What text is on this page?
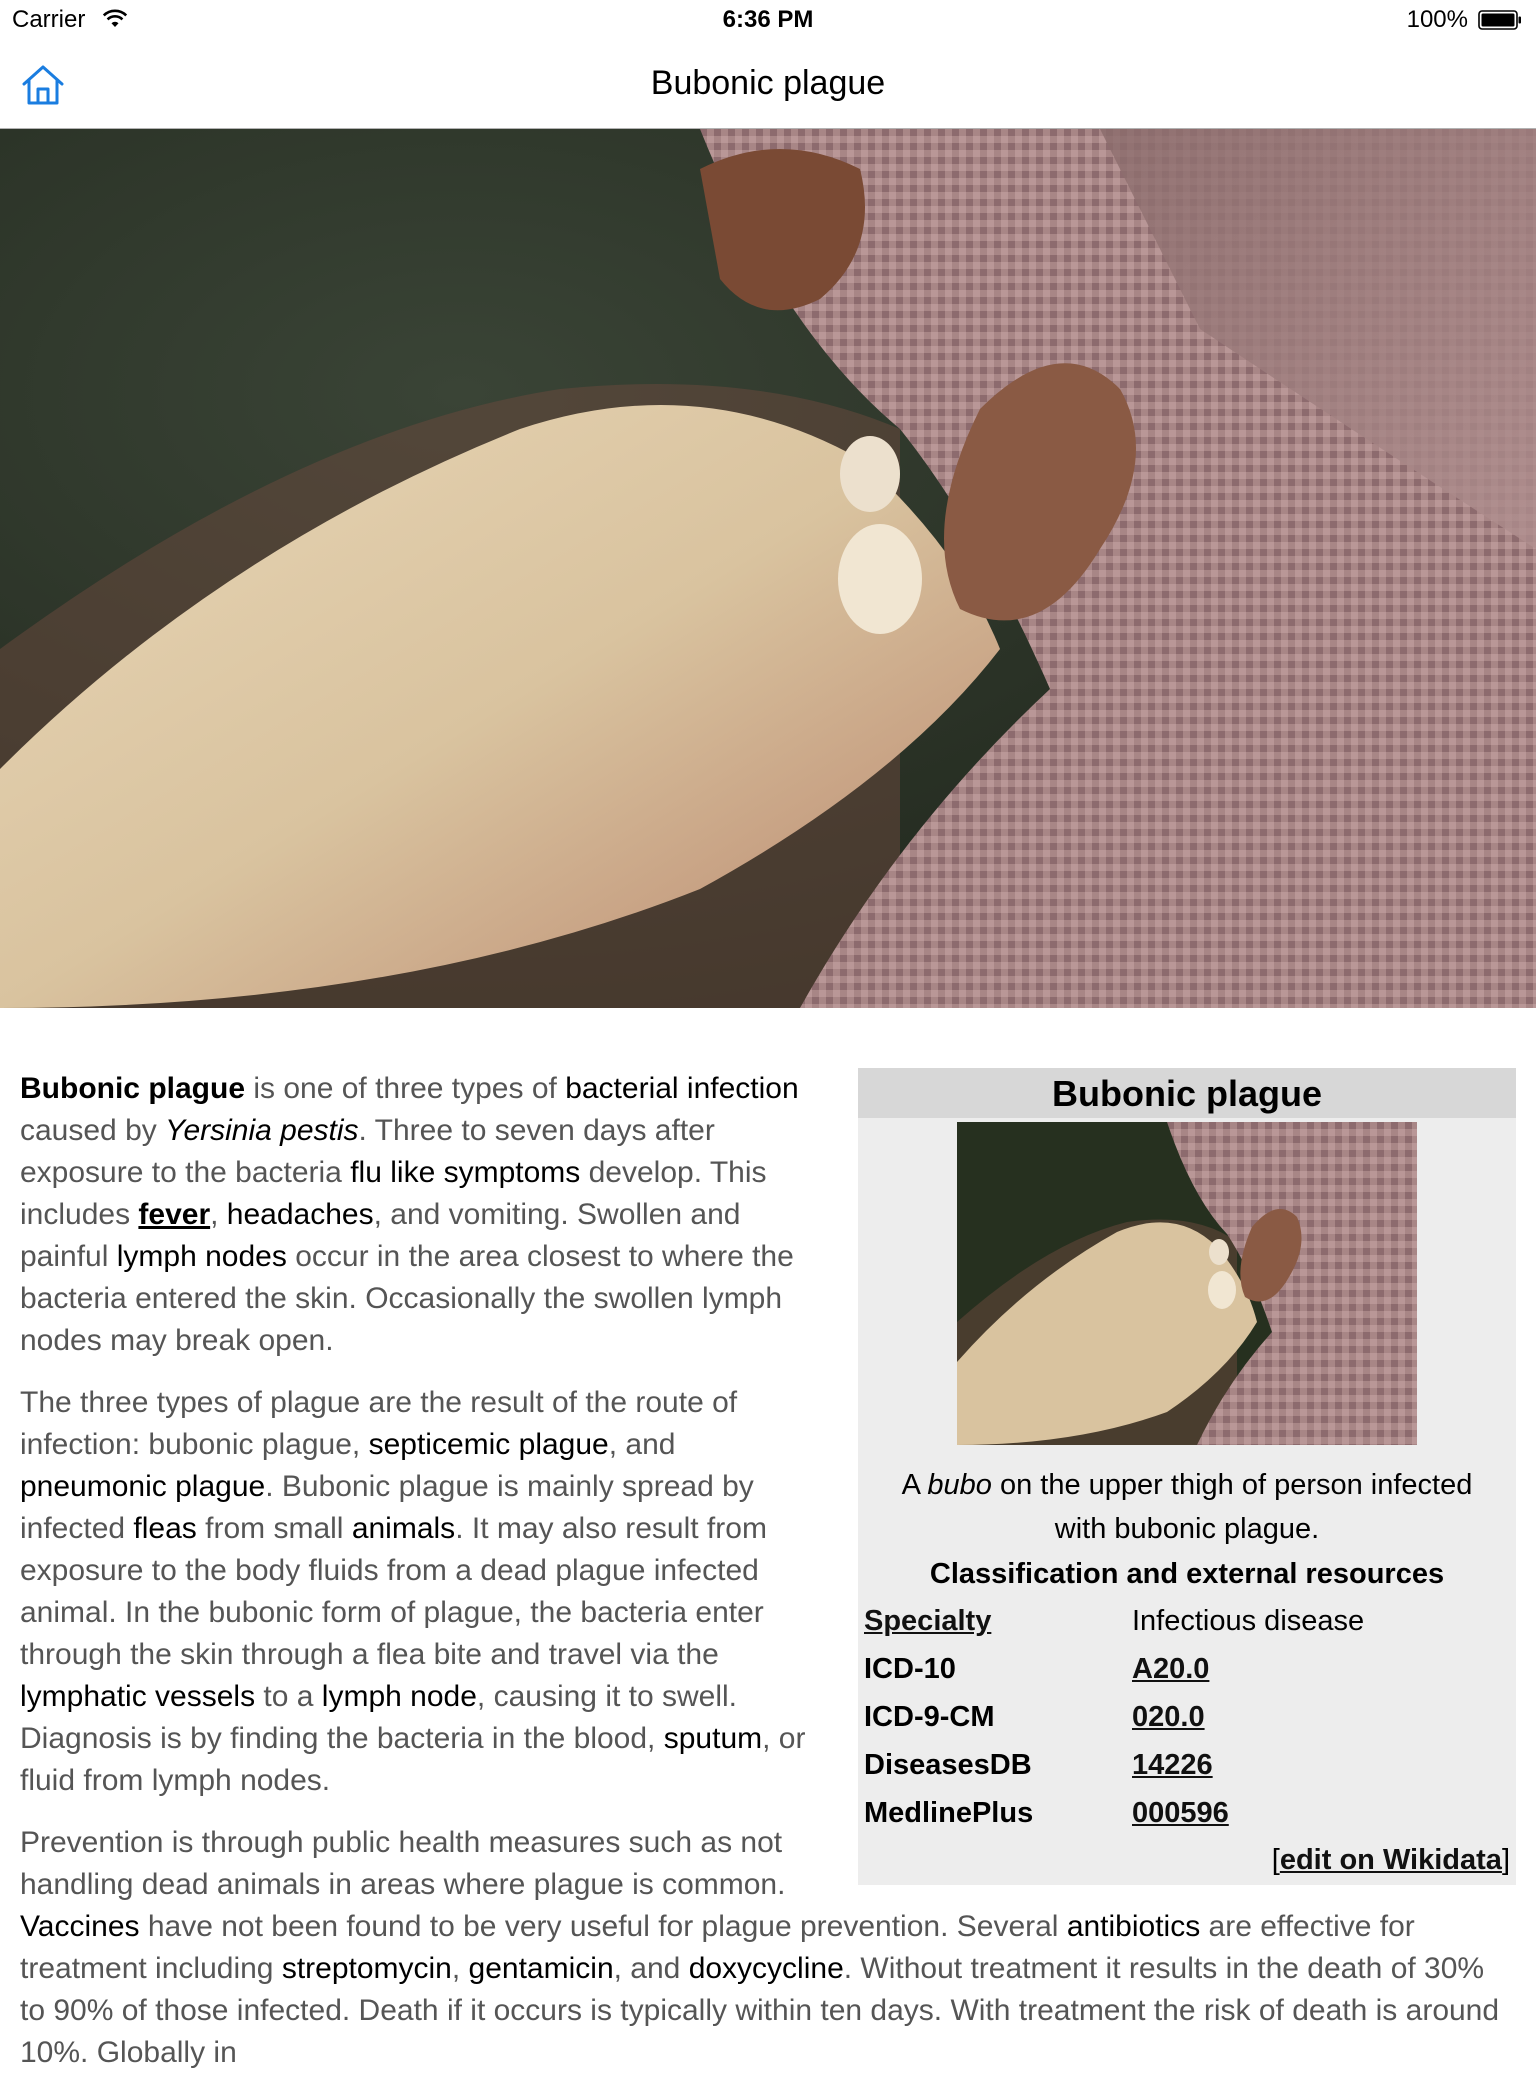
Carrier	6:36 PM	100%
Bubonic plague
Bubonic plague
A bubo on the upper thigh of person infected with bubonic plague.
Classification and external resources
Specialty	Infectious disease
ICD-10	A20.0
ICD-9-CM	020.0
DiseasesDB	14226
MedlinePlus	000596
[edit on Wikidata]

Bubonic plague is one of three types of bacterial infection caused by Yersinia pestis. Three to seven days after exposure to the bacteria flu like symptoms develop. This includes fever, headaches, and vomiting. Swollen and painful lymph nodes occur in the area closest to where the bacteria entered the skin. Occasionally the swollen lymph nodes may break open.

The three types of plague are the result of the route of infection: bubonic plague, septicemic plague, and pneumonic plague. Bubonic plague is mainly spread by infected fleas from small animals. It may also result from exposure to the body fluids from a dead plague infected animal. In the bubonic form of plague, the bacteria enter through the skin through a flea bite and travel via the lymphatic vessels to a lymph node, causing it to swell. Diagnosis is by finding the bacteria in the blood, sputum, or fluid from lymph nodes.

Prevention is through public health measures such as not handling dead animals in areas where plague is common. Vaccines have not been found to be very useful for plague prevention. Several antibiotics are effective for treatment including streptomycin, gentamicin, and doxycycline. Without treatment it results in the death of 30% to 90% of those infected. Death if it occurs is typically within ten days. With treatment the risk of death is around 10%. Globally in
